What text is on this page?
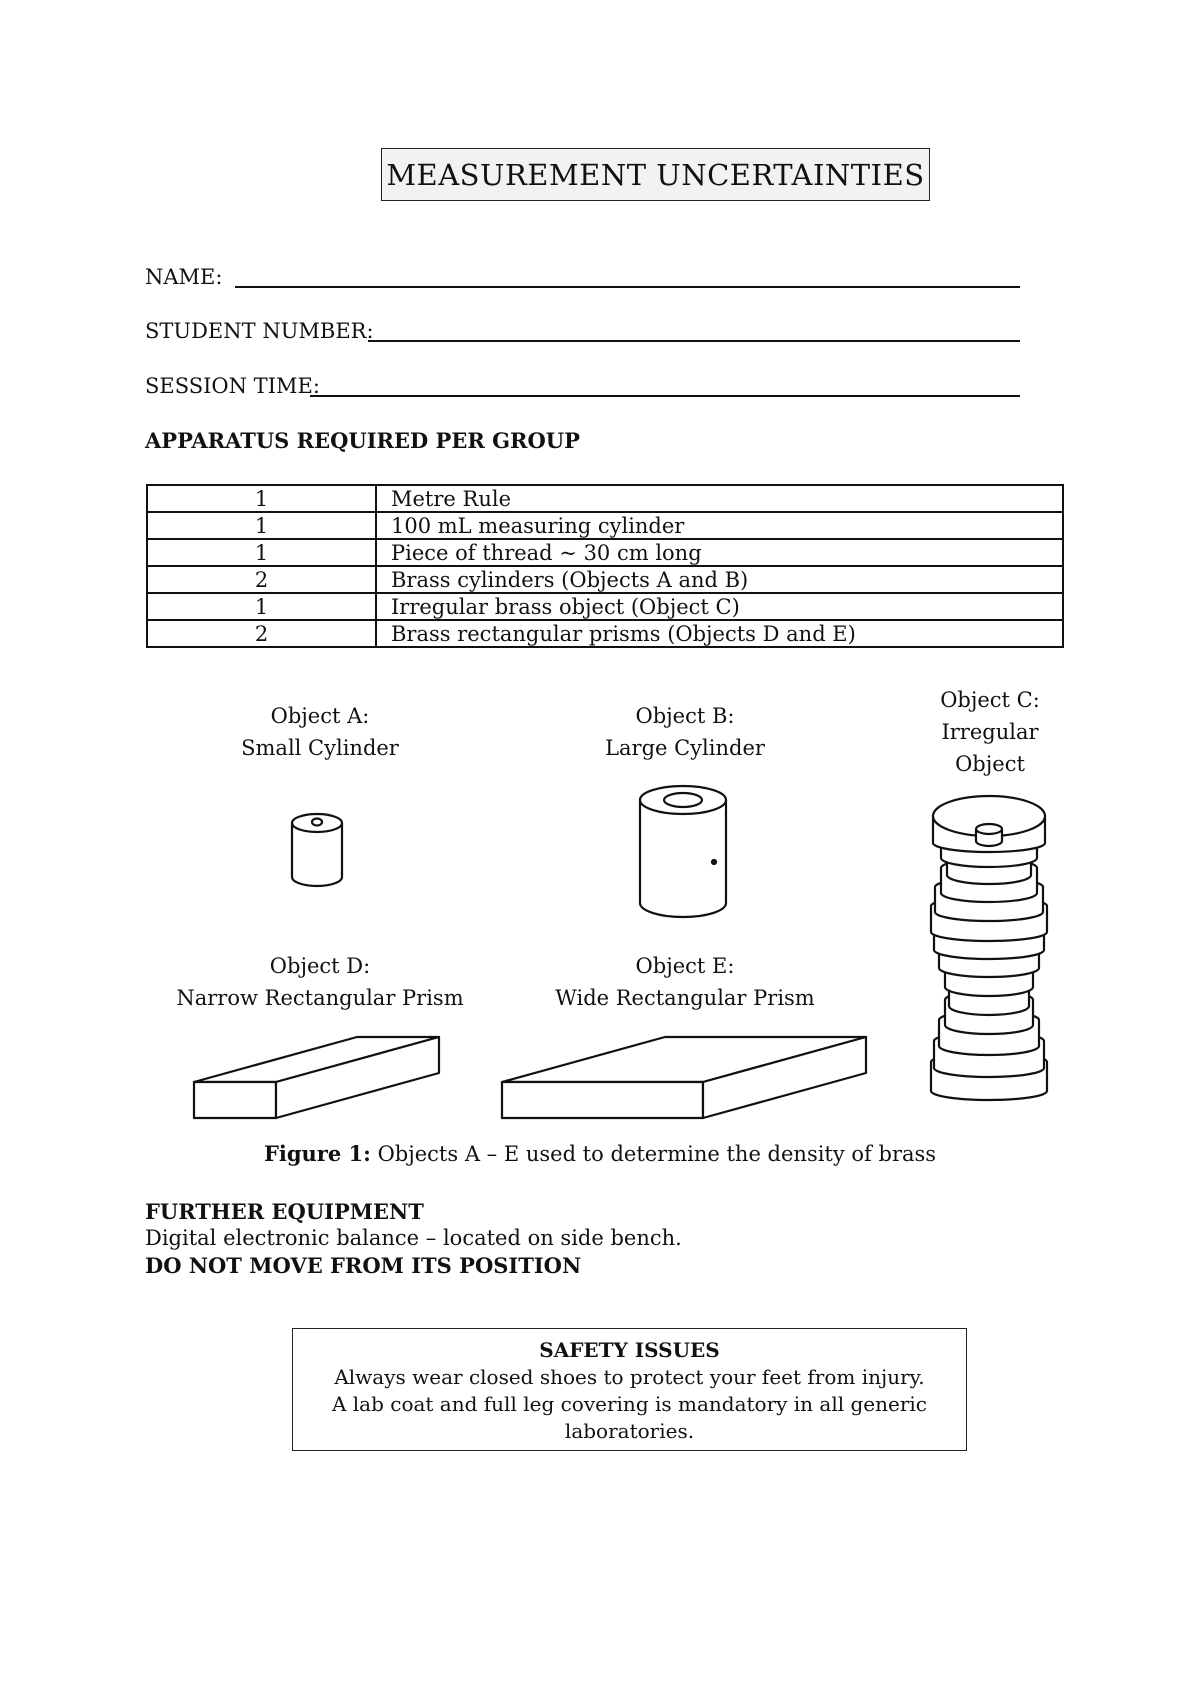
MEASUREMENT UNCERTAINTIES
NAME:
STUDENT NUMBER:
SESSION TIME:
APPARATUS REQUIRED PER GROUP
1	Metre Rule
1	100 mL measuring cylinder
1	Piece of thread ~ 30 cm long
2	Brass cylinders (Objects A and B)
1	Irregular brass object (Object C)
2	Brass rectangular prisms (Objects D and E)
Object A:
Small Cylinder
Object B:
Large Cylinder
Object C:
Irregular
Object
Object D:
Narrow Rectangular Prism
Object E:
Wide Rectangular Prism
Figure 1: Objects A – E used to determine the density of brass
FURTHER EQUIPMENT
Digital electronic balance – located on side bench.
DO NOT MOVE FROM ITS POSITION
SAFETY ISSUES
Always wear closed shoes to protect your feet from injury.
A lab coat and full leg covering is mandatory in all generic
laboratories.
